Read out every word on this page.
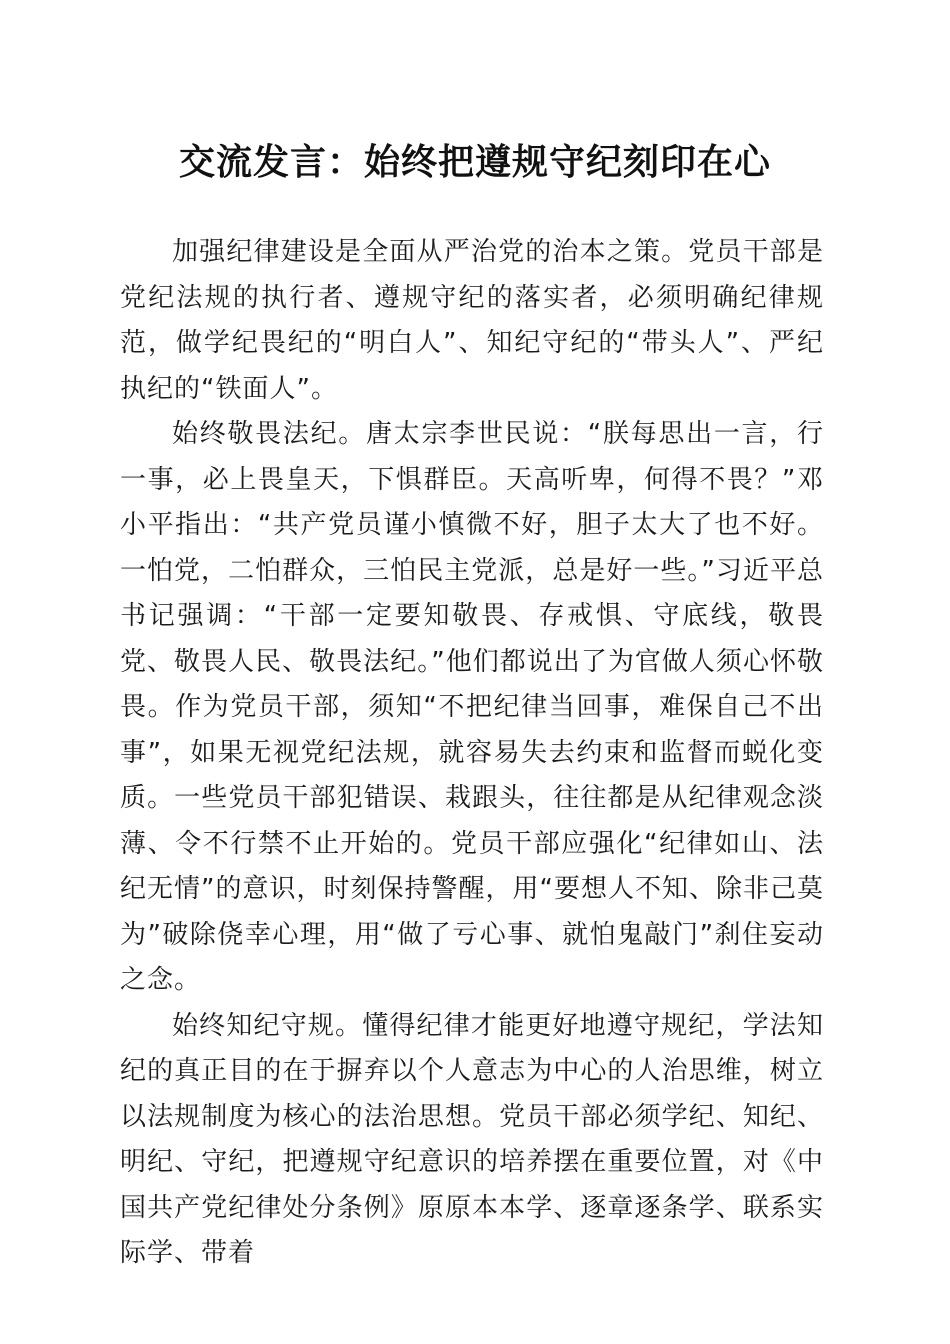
交流发言：始终把遵规守纪刻印在心

加强纪律建设是全面从严治党的治本之策。党员干部是党纪法规的执行者、遵规守纪的落实者，必须明确纪律规范，做学纪畏纪的“明白人”、知纪守纪的“带头人”、严纪执纪的“铁面人”。

始终敬畏法纪。唐太宗李世民说：“朕每思出一言，行一事，必上畏皇天，下惧群臣。天高听卑，何得不畏？”邓小平指出：“共产党员谨小慎微不好，胆子太大了也不好。一怕党，二怕群众，三怕民主党派，总是好一些。”习近平总书记强调：“干部一定要知敬畏、存戒惧、守底线，敬畏党、敬畏人民、敬畏法纪。”他们都说出了为官做人须心怀敬畏。作为党员干部，须知“不把纪律当回事，难保自己不出事”，如果无视党纪法规，就容易失去约束和监督而蜕化变质。一些党员干部犯错误、栽跟头，往往都是从纪律观念淡薄、令不行禁不止开始的。党员干部应强化“纪律如山、法纪无情”的意识，时刻保持警醒，用“要想人不知、除非己莫为”破除侥幸心理，用“做了亏心事、就怕鬼敲门”刹住妄动之念。

始终知纪守规。懂得纪律才能更好地遵守规纪，学法知纪的真正目的在于摒弃以个人意志为中心的人治思维，树立以法规制度为核心的法治思想。党员干部必须学纪、知纪、明纪、守纪，把遵规守纪意识的培养摆在重要位置，对《中国共产党纪律处分条例》原原本本学、逐章逐条学、联系实际学、带着
